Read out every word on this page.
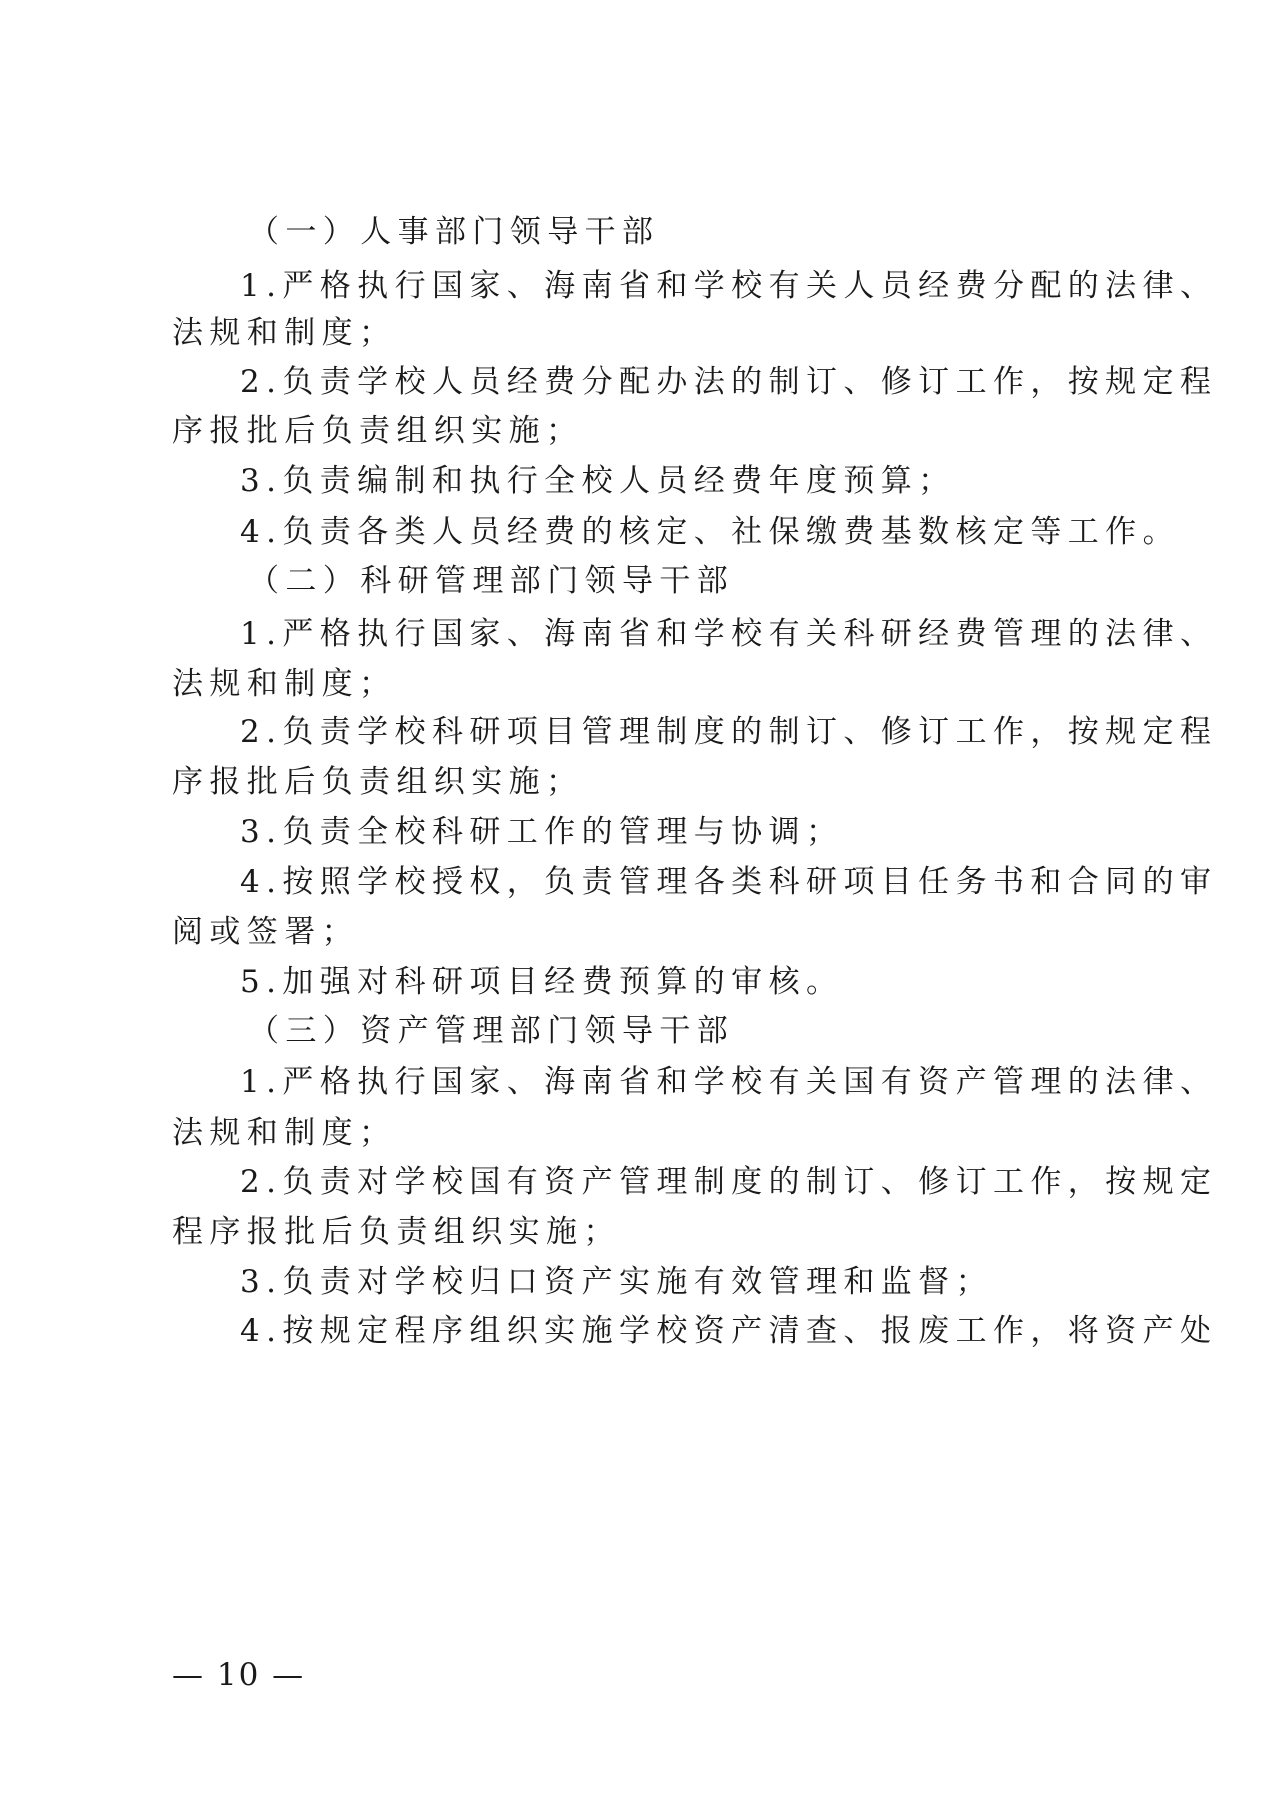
（一）人事部门领导干部
1.严格执行国家、海南省和学校有关人员经费分配的法律、
法规和制度；
2.负责学校人员经费分配办法的制订、修订工作，按规定程
序报批后负责组织实施；
3.负责编制和执行全校人员经费年度预算；
4.负责各类人员经费的核定、社保缴费基数核定等工作。
（二）科研管理部门领导干部
1.严格执行国家、海南省和学校有关科研经费管理的法律、
法规和制度；
2.负责学校科研项目管理制度的制订、修订工作，按规定程
序报批后负责组织实施；
3.负责全校科研工作的管理与协调；
4.按照学校授权，负责管理各类科研项目任务书和合同的审
阅或签署；
5.加强对科研项目经费预算的审核。
（三）资产管理部门领导干部
1.严格执行国家、海南省和学校有关国有资产管理的法律、
法规和制度；
2.负责对学校国有资产管理制度的制订、修订工作，按规定
程序报批后负责组织实施；
3.负责对学校归口资产实施有效管理和监督；
4.按规定程序组织实施学校资产清查、报废工作，将资产处
— 10 —
